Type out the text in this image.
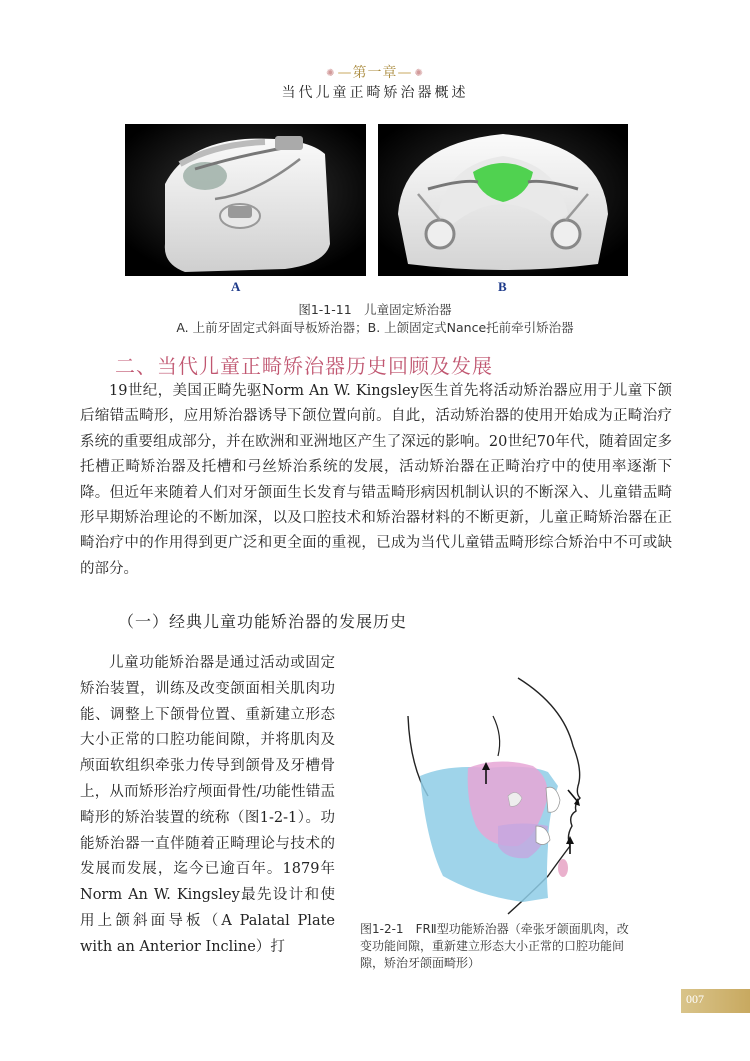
✺ —第一章— ✺
当代儿童正畸矫治器概述
A	B
图1-1-11　儿童固定矫治器
A. 上前牙固定式斜面导板矫治器；B. 上颌固定式Nance托前牵引矫治器
二、当代儿童正畸矫治器历史回顾及发展
19世纪，美国正畸先驱Norm An W. Kingsley医生首先将活动矫治器应用于儿童下颌后缩错㿻畸形，应用矫治器诱导下颌位置向前。自此，活动矫治器的使用开始成为正畸治疗系统的重要组成部分，并在欧洲和亚洲地区产生了深远的影响。20世纪70年代，随着固定多托槽正畸矫治器及托槽和弓丝矫治系统的发展，活动矫治器在正畸治疗中的使用率逐渐下降。但近年来随着人们对牙颌面生长发育与错㿻畸形病因机制认识的不断深入、儿童错㿻畸形早期矫治理论的不断加深，以及口腔技术和矫治器材料的不断更新，儿童正畸矫治器在正畸治疗中的作用得到更广泛和更全面的重视，已成为当代儿童错㿻畸形综合矫治中不可或缺的部分。
（一）经典儿童功能矫治器的发展历史
儿童功能矫治器是通过活动或固定矫治装置，训练及改变颌面相关肌肉功能、调整上下颌骨位置、重新建立形态大小正常的口腔功能间隙，并将肌肉及颅面软组织牵张力传导到颌骨及牙槽骨上，从而矫形治疗颅面骨性/功能性错㿻畸形的矫治装置的统称（图1-2-1）。功能矫治器一直伴随着正畸理论与技术的发展而发展，迄今已逾百年。1879年Norm An W. Kingsley最先设计和使用上颌斜面导板（A Palatal Plate with an Anterior Incline）打
图1-2-1　FRⅡ型功能矫治器（牵张牙颌面肌肉，改变功能间隙，重新建立形态大小正常的口腔功能间隙，矫治牙颌面畸形）
007
